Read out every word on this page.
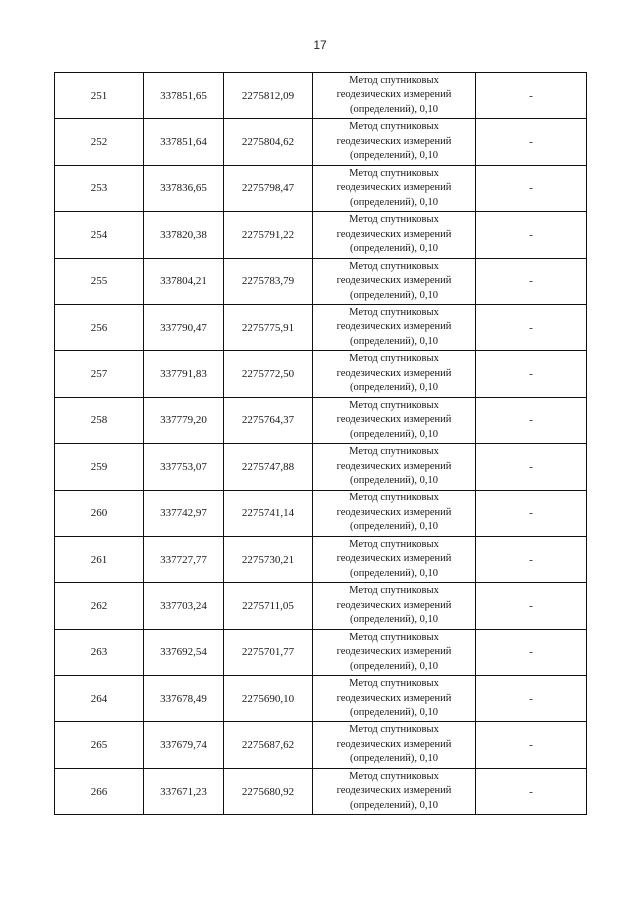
17
251	337851,65	2275812,09	Метод спутниковых
геодезических измерений
(определений), 0,10	-
252	337851,64	2275804,62	Метод спутниковых
геодезических измерений
(определений), 0,10	-
253	337836,65	2275798,47	Метод спутниковых
геодезических измерений
(определений), 0,10	-
254	337820,38	2275791,22	Метод спутниковых
геодезических измерений
(определений), 0,10	-
255	337804,21	2275783,79	Метод спутниковых
геодезических измерений
(определений), 0,10	-
256	337790,47	2275775,91	Метод спутниковых
геодезических измерений
(определений), 0,10	-
257	337791,83	2275772,50	Метод спутниковых
геодезических измерений
(определений), 0,10	-
258	337779,20	2275764,37	Метод спутниковых
геодезических измерений
(определений), 0,10	-
259	337753,07	2275747,88	Метод спутниковых
геодезических измерений
(определений), 0,10	-
260	337742,97	2275741,14	Метод спутниковых
геодезических измерений
(определений), 0,10	-
261	337727,77	2275730,21	Метод спутниковых
геодезических измерений
(определений), 0,10	-
262	337703,24	2275711,05	Метод спутниковых
геодезических измерений
(определений), 0,10	-
263	337692,54	2275701,77	Метод спутниковых
геодезических измерений
(определений), 0,10	-
264	337678,49	2275690,10	Метод спутниковых
геодезических измерений
(определений), 0,10	-
265	337679,74	2275687,62	Метод спутниковых
геодезических измерений
(определений), 0,10	-
266	337671,23	2275680,92	Метод спутниковых
геодезических измерений
(определений), 0,10	-
